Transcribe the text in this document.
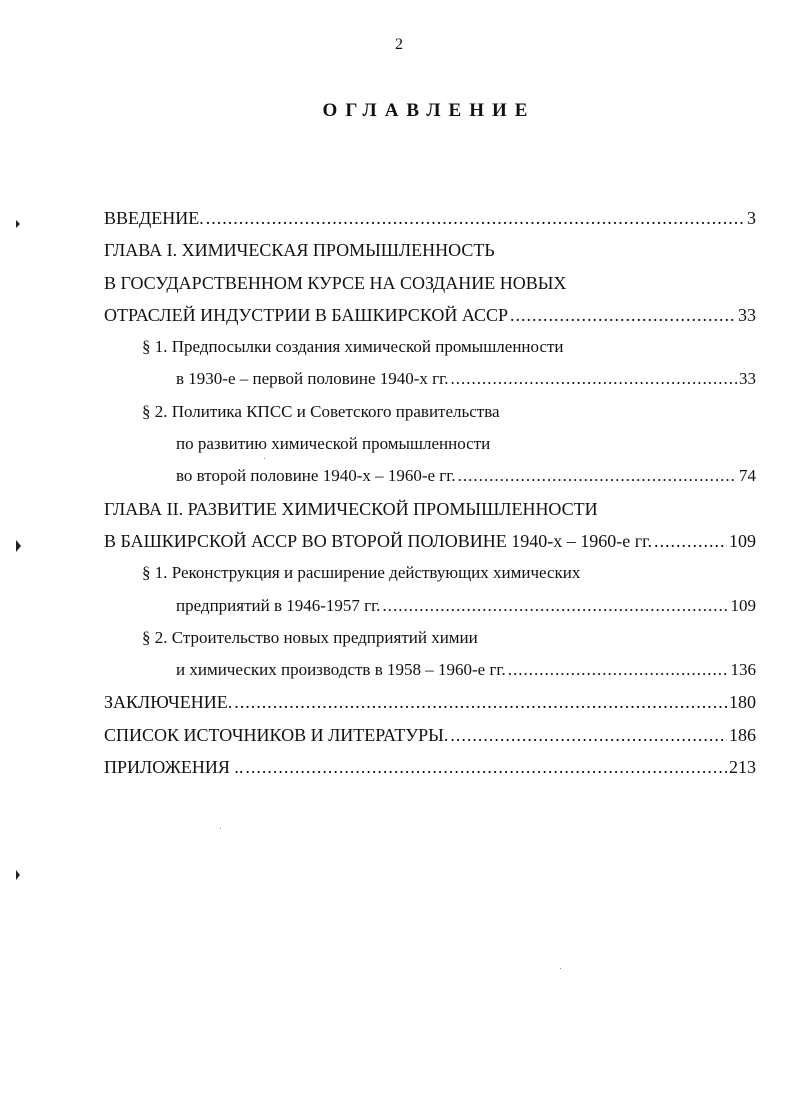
2
ОГЛАВЛЕНИЕ
ВВЕДЕНИЕ. .....	3
ГЛАВА I. ХИМИЧЕСКАЯ ПРОМЫШЛЕННОСТЬ
В ГОСУДАРСТВЕННОМ КУРСЕ НА СОЗДАНИЕ НОВЫХ
ОТРАСЛЕЙ ИНДУСТРИИ В БАШКИРСКОЙ АССР .....	33
§ 1. Предпосылки создания химической промышленности
в 1930-е – первой половине 1940-х гг. .....	33
§ 2. Политика КПСС и Советского правительства
по развитию химической промышленности
во второй половине 1940-х – 1960-е гг. .....	74
ГЛАВА II. РАЗВИТИЕ ХИМИЧЕСКОЙ ПРОМЫШЛЕННОСТИ
В БАШКИРСКОЙ АССР ВО ВТОРОЙ ПОЛОВИНЕ 1940-х – 1960-е гг. .....	109
§ 1. Реконструкция и расширение действующих химических
предприятий в 1946-1957 гг. .....	109
§ 2. Строительство новых предприятий химии
и химических производств в 1958 – 1960-е гг. .....	136
ЗАКЛЮЧЕНИЕ. .....	180
СПИСОК ИСТОЧНИКОВ И ЛИТЕРАТУРЫ. .....	186
ПРИЛОЖЕНИЯ .. .....	213
